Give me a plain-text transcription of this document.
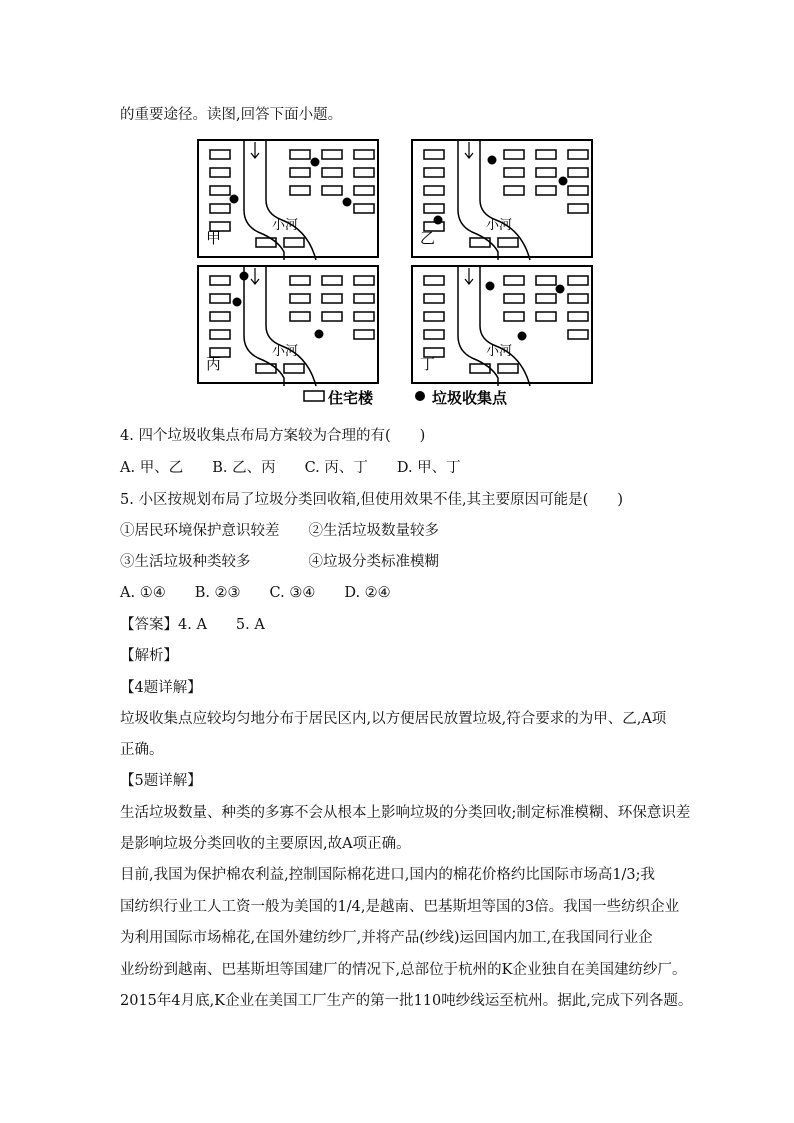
的重要途径。读图,回答下面小题。
甲
小河
乙
小河
丙
小河
丁
小河
住宅楼	垃圾收集点
4. 四个垃圾收集点布局方案较为合理的有(　　)
A. 甲、乙　　B. 乙、丙　　C. 丙、丁　　D. 甲、丁
5. 小区按规划布局了垃圾分类回收箱,但使用效果不佳,其主要原因可能是(　　)
①居民环境保护意识较差　　②生活垃圾数量较多
③生活垃圾种类较多　　　　④垃圾分类标准模糊
A. ①④　　B. ②③　　C. ③④　　D. ②④
【答案】4. A　　5. A
【解析】
【4题详解】
垃圾收集点应较均匀地分布于居民区内,以方便居民放置垃圾,符合要求的为甲、乙,A项
正确。
【5题详解】
生活垃圾数量、种类的多寡不会从根本上影响垃圾的分类回收;制定标准模糊、环保意识差
是影响垃圾分类回收的主要原因,故A项正确。
目前,我国为保护棉农利益,控制国际棉花进口,国内的棉花价格约比国际市场高1/3;我
国纺织行业工人工资一般为美国的1/4,是越南、巴基斯坦等国的3倍。我国一些纺织企业
为利用国际市场棉花,在国外建纺纱厂,并将产品(纱线)运回国内加工,在我国同行业企
业纷纷到越南、巴基斯坦等国建厂的情况下,总部位于杭州的K企业独自在美国建纺纱厂。
2015年4月底,K企业在美国工厂生产的第一批110吨纱线运至杭州。据此,完成下列各题。
